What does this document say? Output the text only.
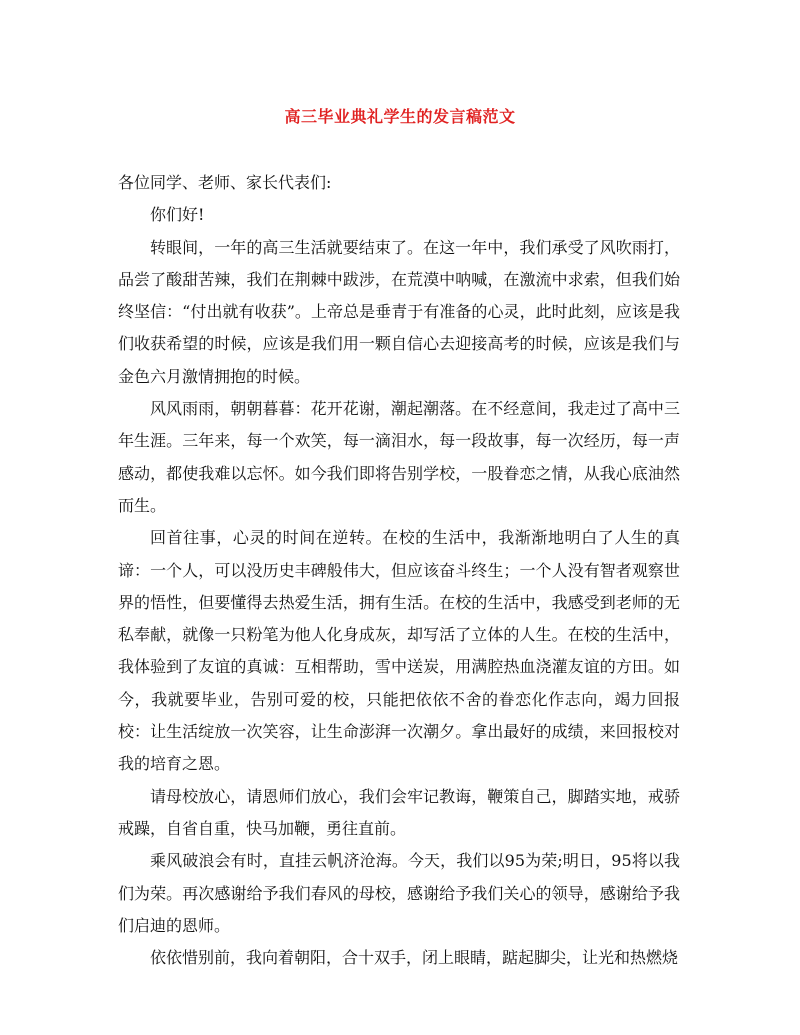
高三毕业典礼学生的发言稿范文

各位同学、老师、家长代表们:

你们好!

转眼间，一年的高三生活就要结束了。在这一年中，我们承受了风吹雨打，品尝了酸甜苦辣，我们在荆棘中跋涉，在荒漠中呐喊，在激流中求索，但我们始终坚信：“付出就有收获”。上帝总是垂青于有准备的心灵，此时此刻，应该是我们收获希望的时候，应该是我们用一颗自信心去迎接高考的时候，应该是我们与金色六月激情拥抱的时候。

风风雨雨，朝朝暮暮：花开花谢，潮起潮落。在不经意间，我走过了高中三年生涯。三年来，每一个欢笑，每一滴泪水，每一段故事，每一次经历，每一声感动，都使我难以忘怀。如今我们即将告别学校，一股眷恋之情，从我心底油然而生。

回首往事，心灵的时间在逆转。在校的生活中，我渐渐地明白了人生的真谛：一个人，可以没历史丰碑般伟大，但应该奋斗终生；一个人没有智者观察世界的悟性，但要懂得去热爱生活，拥有生活。在校的生活中，我感受到老师的无私奉献，就像一只粉笔为他人化身成灰，却写活了立体的人生。在校的生活中，我体验到了友谊的真诚：互相帮助，雪中送炭，用满腔热血浇灌友谊的方田。如今，我就要毕业，告别可爱的校，只能把依依不舍的眷恋化作志向，竭力回报校：让生活绽放一次笑容，让生命澎湃一次潮夕。拿出最好的成绩，来回报校对我的培育之恩。

请母校放心，请恩师们放心，我们会牢记教诲，鞭策自己，脚踏实地，戒骄戒躁，自省自重，快马加鞭，勇往直前。

乘风破浪会有时，直挂云帆济沧海。今天，我们以95为荣;明日，95将以我们为荣。再次感谢给予我们春风的母校，感谢给予我们关心的领导，感谢给予我们启迪的恩师。

依依惜别前，我向着朝阳，合十双手，闭上眼睛，踮起脚尖，让光和热燃烧
